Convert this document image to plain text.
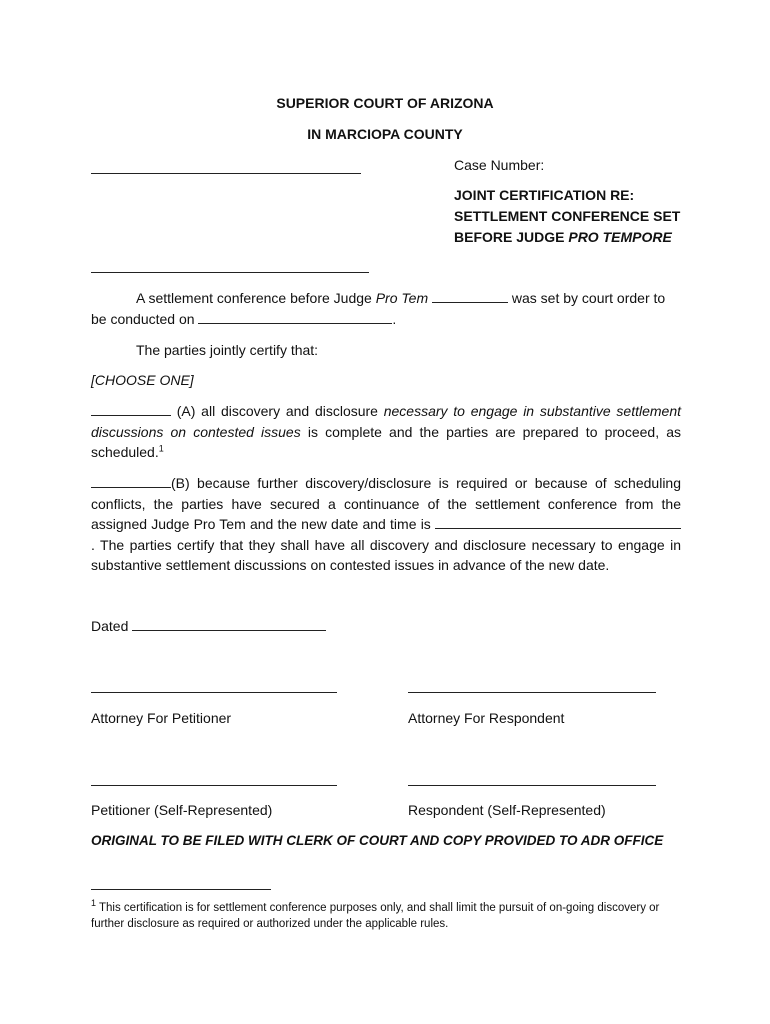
SUPERIOR COURT OF ARIZONA
IN MARCIOPA COUNTY
Case Number:
JOINT CERTIFICATION RE:
SETTLEMENT CONFERENCE SET
BEFORE JUDGE PRO TEMPORE
A settlement conference before Judge Pro Tem	was set by court order to
be conducted on	.
The parties jointly certify that:
[CHOOSE ONE]
(A) all discovery and disclosure necessary to engage in substantive settlement discussions on contested issues is complete and the parties are prepared to proceed, as scheduled.$^1$
(B) because further discovery/disclosure is required or because of scheduling conflicts, the parties have secured a continuance of the settlement conference from the assigned Judge Pro Tem and the new date and time is . The parties certify that they shall have all discovery and disclosure necessary to engage in substantive settlement discussions on contested issues in advance of the new date.
Dated
Attorney For Petitioner	Attorney For Respondent
Petitioner (Self-Represented)	Respondent (Self-Represented)
ORIGINAL TO BE FILED WITH CLERK OF COURT AND COPY PROVIDED TO ADR OFFICE
$^1$ This certification is for settlement conference purposes only, and shall limit the pursuit of on-going discovery or further disclosure as required or authorized under the applicable rules.
